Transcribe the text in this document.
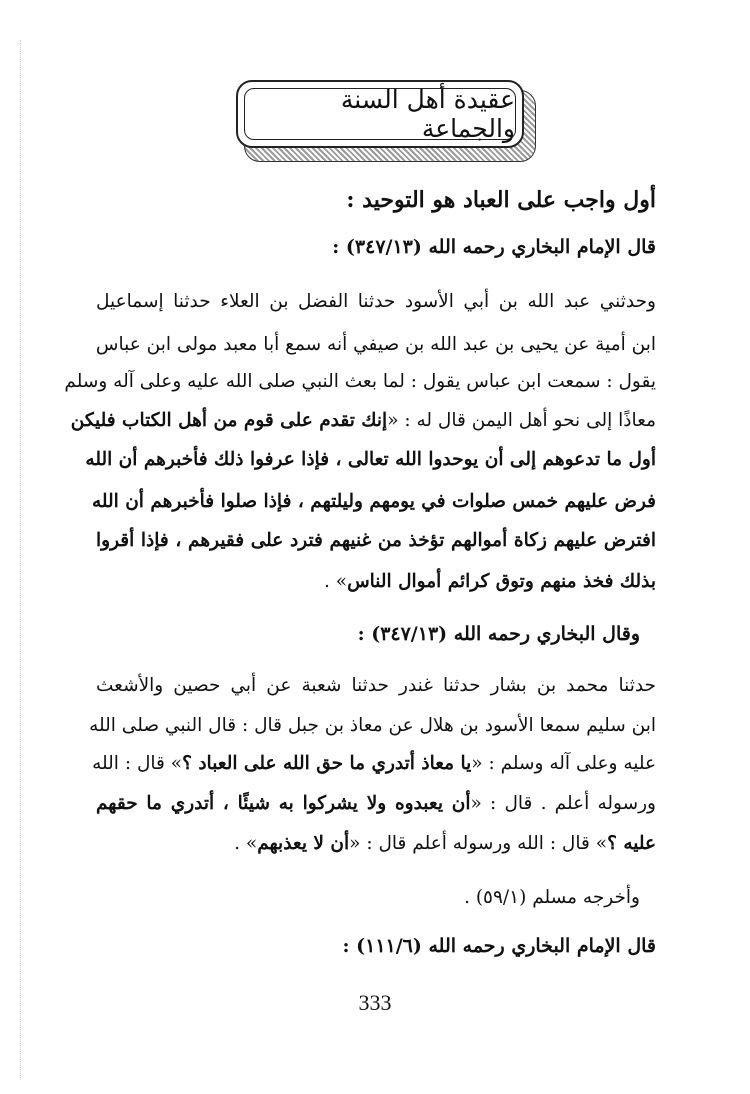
عقيدة أهل السنة والجماعة
أول واجب على العباد هو التوحيد :
قال الإمام البخاري رحمه الله (٣٤٧/١٣) :
وحدثني عبد الله بن أبي الأسود حدثنا الفضل بن العلاء حدثنا إسماعيل
ابن أمية عن يحيى بن عبد الله بن صيفي أنه سمع أبا معبد مولى ابن عباس
يقول : سمعت ابن عباس يقول : لما بعث النبي صلى الله عليه وعلى آله وسلم
معاذًا إلى نحو أهل اليمن قال له : «إنك تقدم على قوم من أهل الكتاب فليكن
أول ما تدعوهم إلى أن يوحدوا الله تعالى ، فإذا عرفوا ذلك فأخبرهم أن الله
فرض عليهم خمس صلوات في يومهم وليلتهم ، فإذا صلوا فأخبرهم أن الله
افترض عليهم زكاة أموالهم تؤخذ من غنيهم فترد على فقيرهم ، فإذا أقروا
بذلك فخذ منهم وتوق كرائم أموال الناس» .
وقال البخاري رحمه الله (٣٤٧/١٣) :
حدثنا محمد بن بشار حدثنا غندر حدثنا شعبة عن أبي حصين والأشعث
ابن سليم سمعا الأسود بن هلال عن معاذ بن جبل قال : قال النبي صلى الله
عليه وعلى آله وسلم : «يا معاذ أتدري ما حق الله على العباد ؟» قال : الله
ورسوله أعلم . قال : «أن يعبدوه ولا يشركوا به شيئًا ، أتدري ما حقهم
عليه ؟» قال : الله ورسوله أعلم قال : «أن لا يعذبهم» .
وأخرجه مسلم (٥٩/١) .
قال الإمام البخاري رحمه الله (١١١/٦) :
333
